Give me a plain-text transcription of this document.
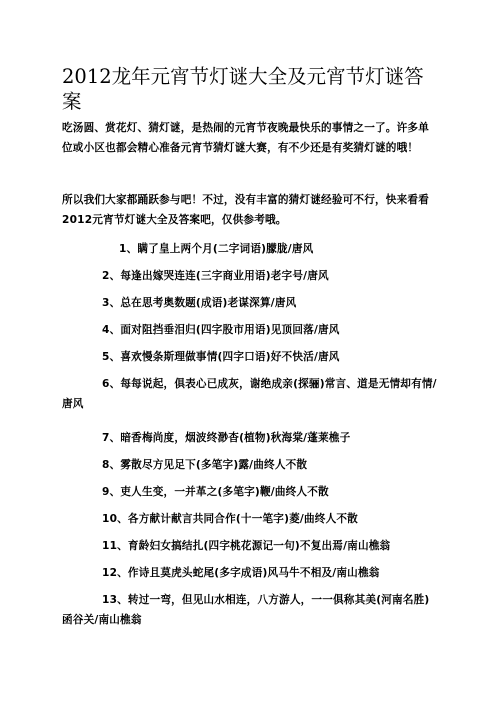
2012龙年元宵节灯谜大全及元宵节灯谜答案

吃汤圆、赏花灯、猜灯谜，是热闹的元宵节夜晚最快乐的事情之一了。许多单位或小区也都会精心准备元宵节猜灯谜大赛，有不少还是有奖猜灯谜的哦！

所以我们大家都踊跃参与吧！不过，没有丰富的猜灯谜经验可不行，快来看看2012元宵节灯谜大全及答案吧，仅供参考哦。

1、瞒了皇上两个月(二字词语)朦胧/唐风

2、每逢出嫁哭连连(三字商业用语)老字号/唐风

3、总在思考奥数题(成语)老谋深算/唐风

4、面对阻挡垂泪归(四字股市用语)见顶回落/唐风

5、喜欢慢条斯理做事情(四字口语)好不快活/唐风

6、每每说起，俱表心已成灰，谢绝成亲(探骊)常言、道是无情却有情/唐风

7、暗香梅尚度，烟波终渺杳(植物)秋海棠/蓬莱樵子

8、雾散尽方见足下(多笔字)露/曲终人不散

9、吏人生变，一并革之(多笔字)鞭/曲终人不散

10、各方献计献言共同合作(十一笔字)菱/曲终人不散

11、育龄妇女搞结扎(四字桃花源记一句)不复出焉/南山樵翁

12、作诗且莫虎头蛇尾(多字成语)风马牛不相及/南山樵翁

13、转过一弯，但见山水相连，八方游人，一一俱称其美(河南名胜)函谷关/南山樵翁
